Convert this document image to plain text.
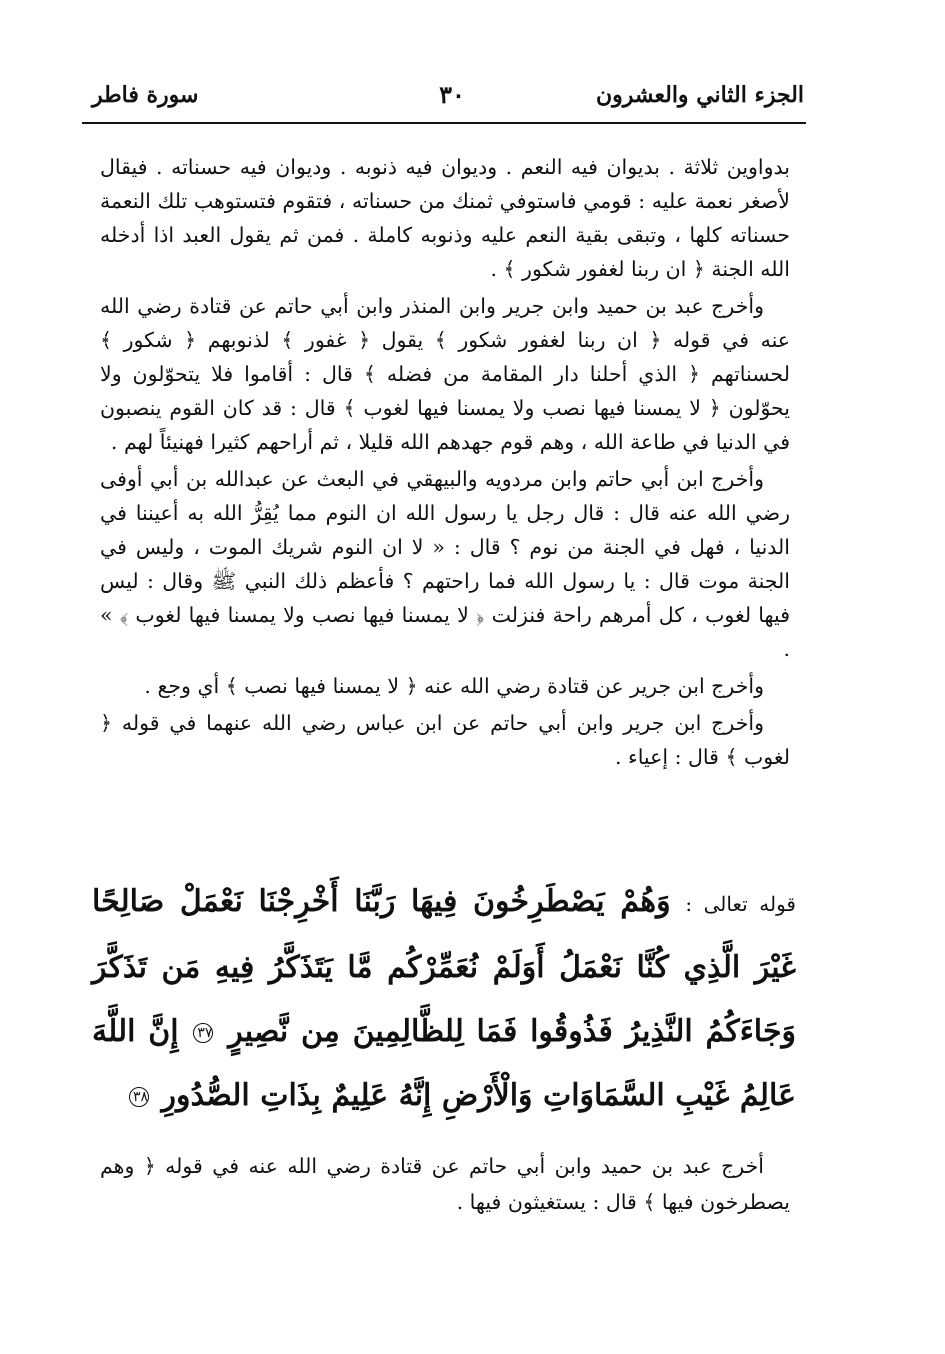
الجزء الثاني والعشرون
٣٠
سورة فاطر

بدواوين ثلاثة . بديوان فيه النعم . وديوان فيه ذنوبه . وديوان فيه حسناته . فيقال لأصغر نعمة عليه : قومي فاستوفي ثمنك من حسناته ، فتقوم فتستوهب تلك النعمة حسناته كلها ، وتبقى بقية النعم عليه وذنوبه كاملة . فمن ثم يقول العبد اذا أدخله الله الجنة ﴿ ان ربنا لغفور شكور ﴾ .

وأخرج عبد بن حميد وابن جرير وابن المنذر وابن أبي حاتم عن قتادة رضي الله عنه في قوله ﴿ ان ربنا لغفور شكور ﴾ يقول ﴿ غفور ﴾ لذنوبهم ﴿ شكور ﴾ لحسناتهم ﴿ الذي أحلنا دار المقامة من فضله ﴾ قال : أقاموا فلا يتحوّلون ولا يحوّلون ﴿ لا يمسنا فيها نصب ولا يمسنا فيها لغوب ﴾ قال : قد كان القوم ينصبون في الدنيا في طاعة الله ، وهم قوم جهدهم الله قليلا ، ثم أراحهم كثيرا فهنيئاً لهم .

وأخرج ابن أبي حاتم وابن مردويه والبيهقي في البعث عن عبدالله بن أبي أوفى رضي الله عنه قال : قال رجل يا رسول الله ان النوم مما يُقِرُّ الله به أعيننا في الدنيا ، فهل في الجنة من نوم ؟ قال : « لا ان النوم شريك الموت ، وليس في الجنة موت قال : يا رسول الله فما راحتهم ؟ فأعظم ذلك النبي ﷺ وقال : ليس فيها لغوب ، كل أمرهم راحة فنزلت ﴿ لا يمسنا فيها نصب ولا يمسنا فيها لغوب ﴾ » .

وأخرج ابن جرير عن قتادة رضي الله عنه ﴿ لا يمسنا فيها نصب ﴾ أي وجع .

وأخرج ابن جرير وابن أبي حاتم عن ابن عباس رضي الله عنهما في قوله ﴿ لغوب ﴾ قال : إعياء .

قوله تعالى : وَهُمْ يَصْطَرِخُونَ فِيهَا رَبَّنَا أَخْرِجْنَا نَعْمَلْ صَالِحًا غَيْرَ الَّذِي كُنَّا نَعْمَلُ أَوَلَمْ نُعَمِّرْكُم مَّا يَتَذَكَّرُ فِيهِ مَن تَذَكَّرَ وَجَاءَكُمُ النَّذِيرُ فَذُوقُوا فَمَا لِلظَّالِمِينَ مِن نَّصِيرٍ ٣٧ إِنَّ اللَّهَ عَالِمُ غَيْبِ السَّمَاوَاتِ وَالْأَرْضِ إِنَّهُ عَلِيمٌ بِذَاتِ الصُّدُورِ ٣٨

أخرج عبد بن حميد وابن أبي حاتم عن قتادة رضي الله عنه في قوله ﴿ وهم يصطرخون فيها ﴾ قال : يستغيثون فيها .
